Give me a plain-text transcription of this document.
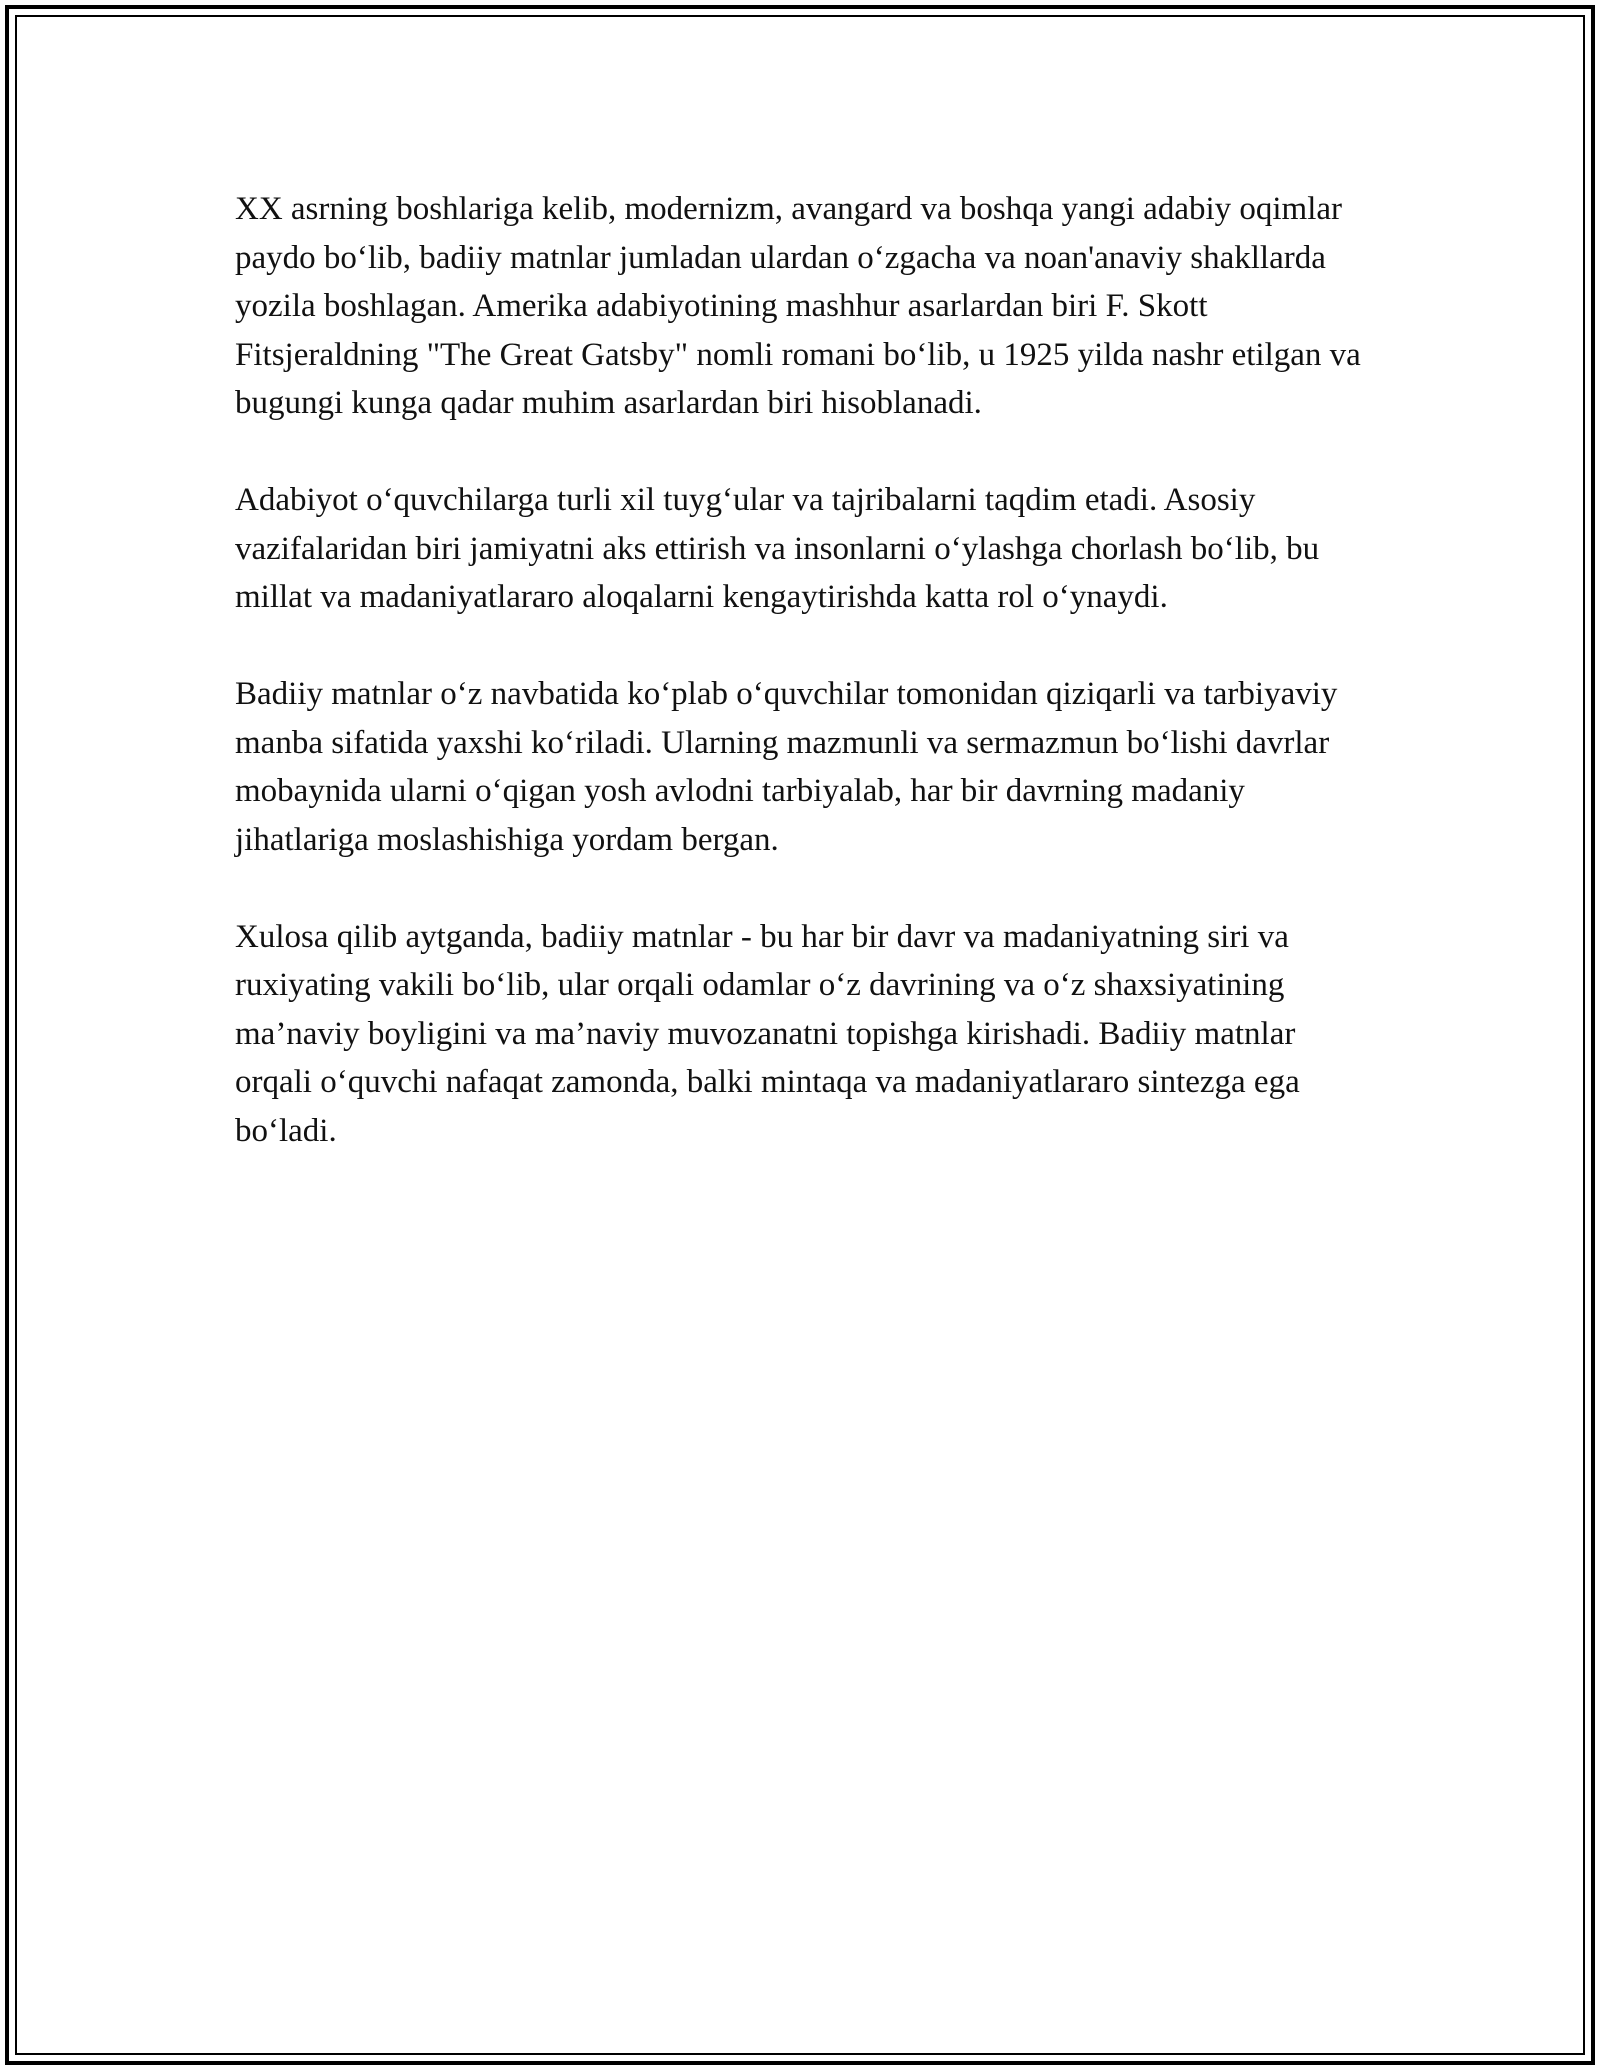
XX asrning boshlariga kelib, modernizm, avangard va boshqa yangi adabiy oqimlar paydo bo‘lib, badiiy matnlar jumladan ulardan o‘zgacha va noan'anaviy shakllarda yozila boshlagan. Amerika adabiyotining mashhur asarlardan biri F. Skott Fitsjeraldning "The Great Gatsby" nomli romani bo‘lib, u 1925 yilda nashr etilgan va bugungi kunga qadar muhim asarlardan biri hisoblanadi.

Adabiyot o‘quvchilarga turli xil tuyg‘ular va tajribalarni taqdim etadi. Asosiy vazifalaridan biri jamiyatni aks ettirish va insonlarni o‘ylashga chorlash bo‘lib, bu millat va madaniyatlararo aloqalarni kengaytirishda katta rol o‘ynaydi.

Badiiy matnlar o‘z navbatida ko‘plab o‘quvchilar tomonidan qiziqarli va tarbiyaviy manba sifatida yaxshi ko‘riladi. Ularning mazmunli va sermazmun bo‘lishi davrlar mobaynida ularni o‘qigan yosh avlodni tarbiyalab, har bir davrning madaniy jihatlariga moslashishiga yordam bergan.

Xulosa qilib aytganda, badiiy matnlar - bu har bir davr va madaniyatning siri va ruxiyating vakili bo‘lib, ular orqali odamlar o‘z davrining va o‘z shaxsiyatining ma’naviy boyligini va ma’naviy muvozanatni topishga kirishadi. Badiiy matnlar orqali o‘quvchi nafaqat zamonda, balki mintaqa va madaniyatlararo sintezga ega bo‘ladi.
